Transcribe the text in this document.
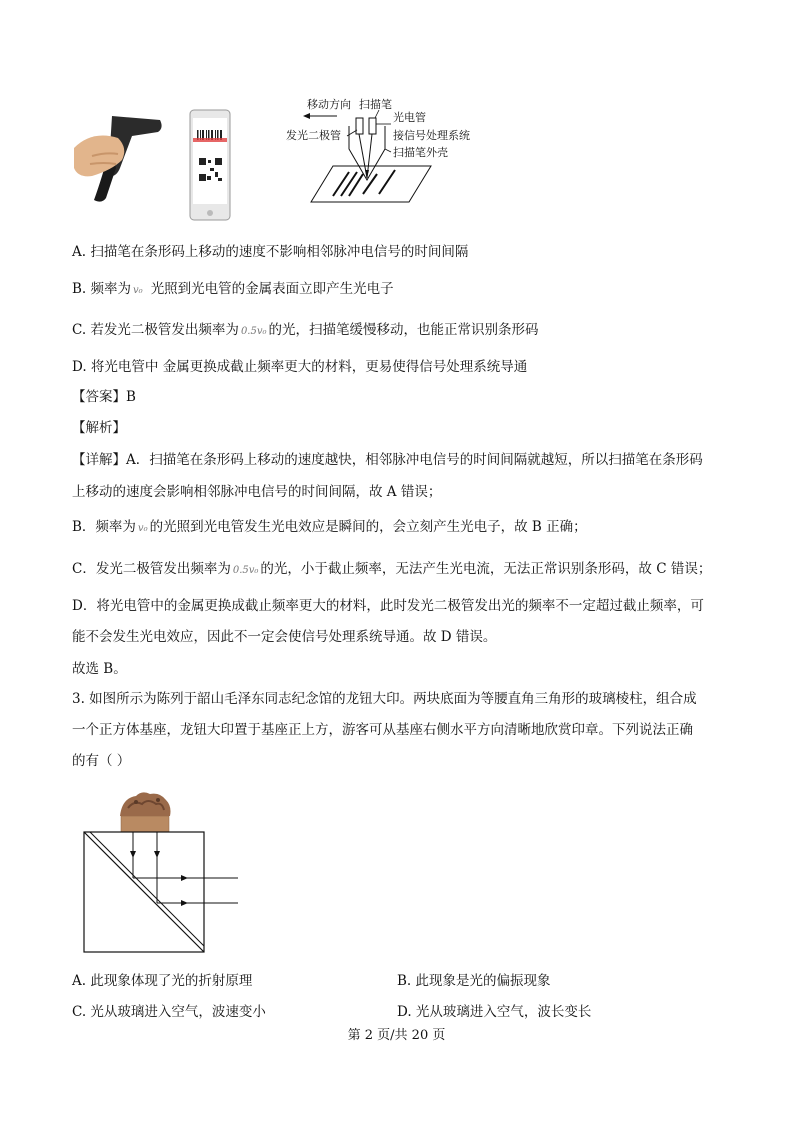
移动方向 扫描笔
光电管
发光二极管	接信号处理系统
扫描笔外壳
A. 扫描笔在条形码上移动的速度不影响相邻脉冲电信号的时间间隔
B. 频率为 v₀ 光照到光电管的金属表面立即产生光电子
C. 若发光二极管发出频率为 0.5v₀ 的光，扫描笔缓慢移动，也能正常识别条形码
D. 将光电管中 金属更换成截止频率更大的材料，更易使得信号处理系统导通
【答案】B
【解析】
【详解】A．扫描笔在条形码上移动的速度越快，相邻脉冲电信号的时间间隔就越短，所以扫描笔在条形码
上移动的速度会影响相邻脉冲电信号的时间间隔，故 A 错误；
B．频率为 v₀ 的光照到光电管发生光电效应是瞬间的，会立刻产生光电子，故 B 正确；
C．发光二极管发出频率为 0.5v₀ 的光，小于截止频率，无法产生光电流，无法正常识别条形码，故 C 错误；
D．将光电管中的金属更换成截止频率更大的材料，此时发光二极管发出光的频率不一定超过截止频率，可
能不会发生光电效应，因此不一定会使信号处理系统导通。故 D 错误。
故选 B。
3. 如图所示为陈列于韶山毛泽东同志纪念馆的龙钮大印。两块底面为等腰直角三角形的玻璃棱柱，组合成
一个正方体基座，龙钮大印置于基座正上方，游客可从基座右侧水平方向清晰地欣赏印章。下列说法正确
的有（ ）
A. 此现象体现了光的折射原理	B. 此现象是光的偏振现象
C. 光从玻璃进入空气，波速变小	D. 光从玻璃进入空气，波长变长
第 2 页/共 20 页
